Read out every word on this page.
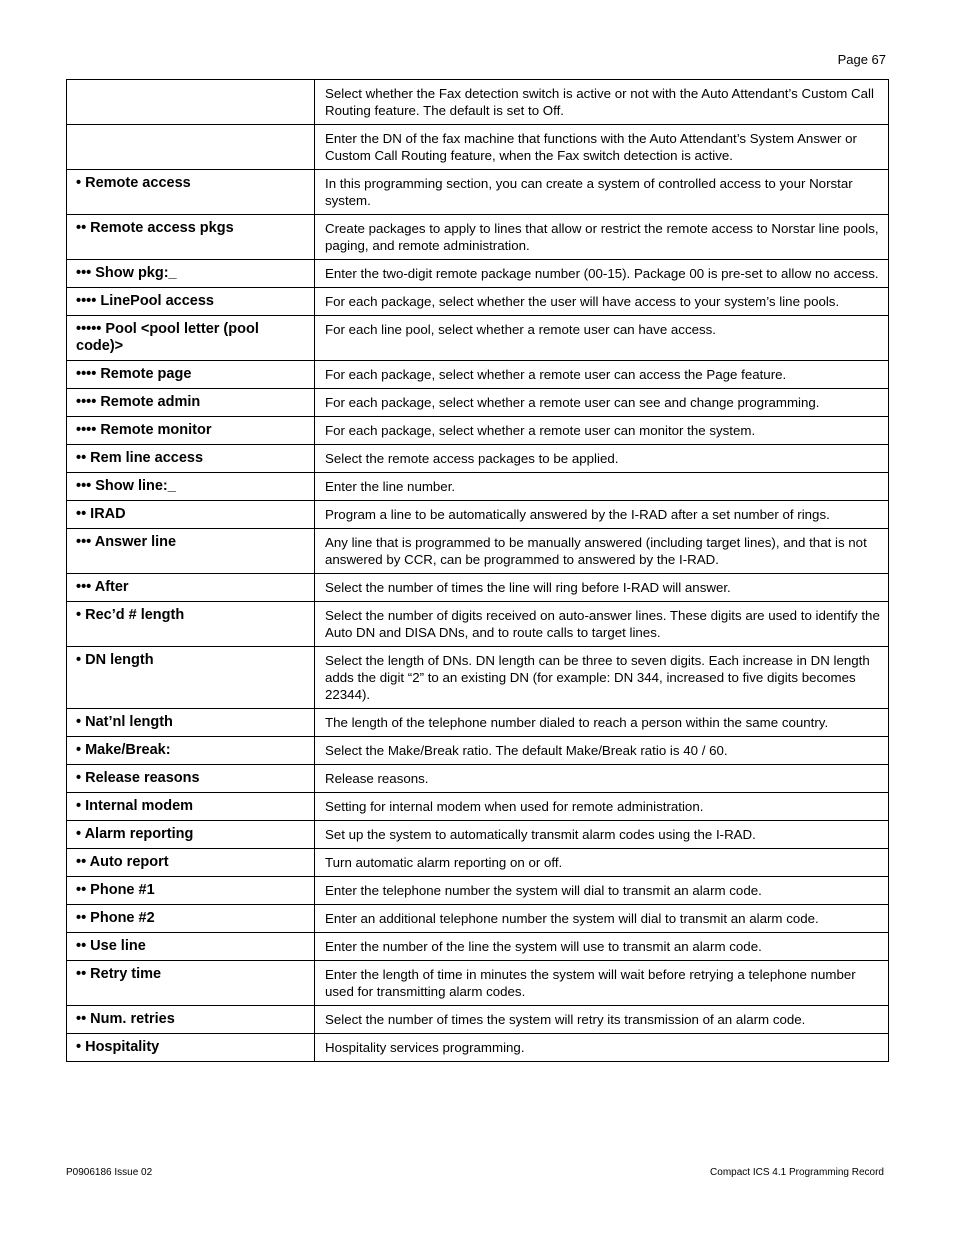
Page 67
	Select whether the Fax detection switch is active or not with the Auto Attendant’s Custom Call Routing feature. The default is set to Off.
	Enter the DN of the fax machine that functions with the Auto Attendant’s System Answer or Custom Call Routing feature, when the Fax switch detection is active.
• Remote access	In this programming section, you can create a system of controlled access to your Norstar system.
•• Remote access pkgs	Create packages to apply to lines that allow or restrict the remote access to Norstar line pools, paging, and remote administration.
••• Show pkg:_	Enter the two-digit remote package number (00-15). Package 00 is pre-set to allow no access.
•••• LinePool access	For each package, select whether the user will have access to your system’s line pools.
••••• Pool <pool letter (pool code)>	For each line pool, select whether a remote user can have access.
•••• Remote page	For each package, select whether a remote user can access the Page feature.
•••• Remote admin	For each package, select whether a remote user can see and change programming.
•••• Remote monitor	For each package, select whether a remote user can monitor the system.
•• Rem line access	Select the remote access packages to be applied.
••• Show line:_	Enter the line number.
•• IRAD	Program a line to be automatically answered by the I-RAD after a set number of rings.
••• Answer line	Any line that is programmed to be manually answered (including target lines), and that is not answered by CCR, can be programmed to answered by the I-RAD.
••• After	Select the number of times the line will ring before I-RAD will answer.
• Rec’d # length	Select the number of digits received on auto-answer lines. These digits are used to identify the Auto DN and DISA DNs, and to route calls to target lines.
• DN length	Select the length of DNs. DN length can be three to seven digits. Each increase in DN length adds the digit “2” to an existing DN (for example: DN 344, increased to five digits becomes 22344).
• Nat’nl length	The length of the telephone number dialed to reach a person within the same country.
• Make/Break:	Select the Make/Break ratio. The default Make/Break ratio is 40 / 60.
• Release reasons	Release reasons.
• Internal modem	Setting for internal modem when used for remote administration.
• Alarm reporting	Set up the system to automatically transmit alarm codes using the I-RAD.
•• Auto report	Turn automatic alarm reporting on or off.
•• Phone #1	Enter the telephone number the system will dial to transmit an alarm code.
•• Phone #2	Enter an additional telephone number the system will dial to transmit an alarm code.
•• Use line	Enter the number of the line the system will use to transmit an alarm code.
•• Retry time	Enter the length of time in minutes the system will wait before retrying a telephone number used for transmitting alarm codes.
•• Num. retries	Select the number of times the system will retry its transmission of an alarm code.
• Hospitality	Hospitality services programming.
P0906186 Issue 02	Compact ICS 4.1 Programming Record
